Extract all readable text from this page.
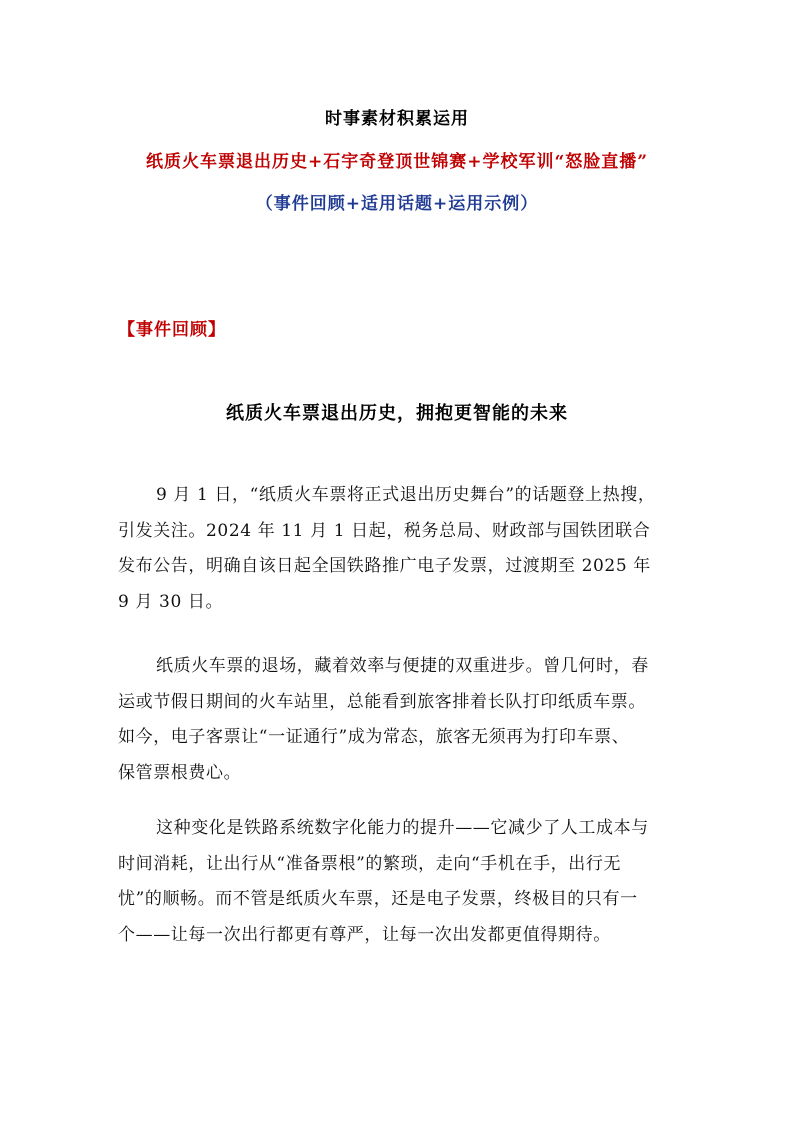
时事素材积累运用
纸质火车票退出历史+石宇奇登顶世锦赛+学校军训“怒脸直播”
（事件回顾+适用话题+运用示例）
【事件回顾】
纸质火车票退出历史，拥抱更智能的未来
9 月 1 日，“纸质火车票将正式退出历史舞台”的话题登上热搜，
引发关注。2024 年 11 月 1 日起，税务总局、财政部与国铁团联合
发布公告，明确自该日起全国铁路推广电子发票，过渡期至 2025 年
9 月 30 日。
纸质火车票的退场，藏着效率与便捷的双重进步。曾几何时，春
运或节假日期间的火车站里，总能看到旅客排着长队打印纸质车票。
如今，电子客票让“一证通行”成为常态，旅客无须再为打印车票、
保管票根费心。
这种变化是铁路系统数字化能力的提升——它减少了人工成本与
时间消耗，让出行从“准备票根”的繁琐，走向“手机在手，出行无
忧”的顺畅。而不管是纸质火车票，还是电子发票，终极目的只有一
个——让每一次出行都更有尊严，让每一次出发都更值得期待。
